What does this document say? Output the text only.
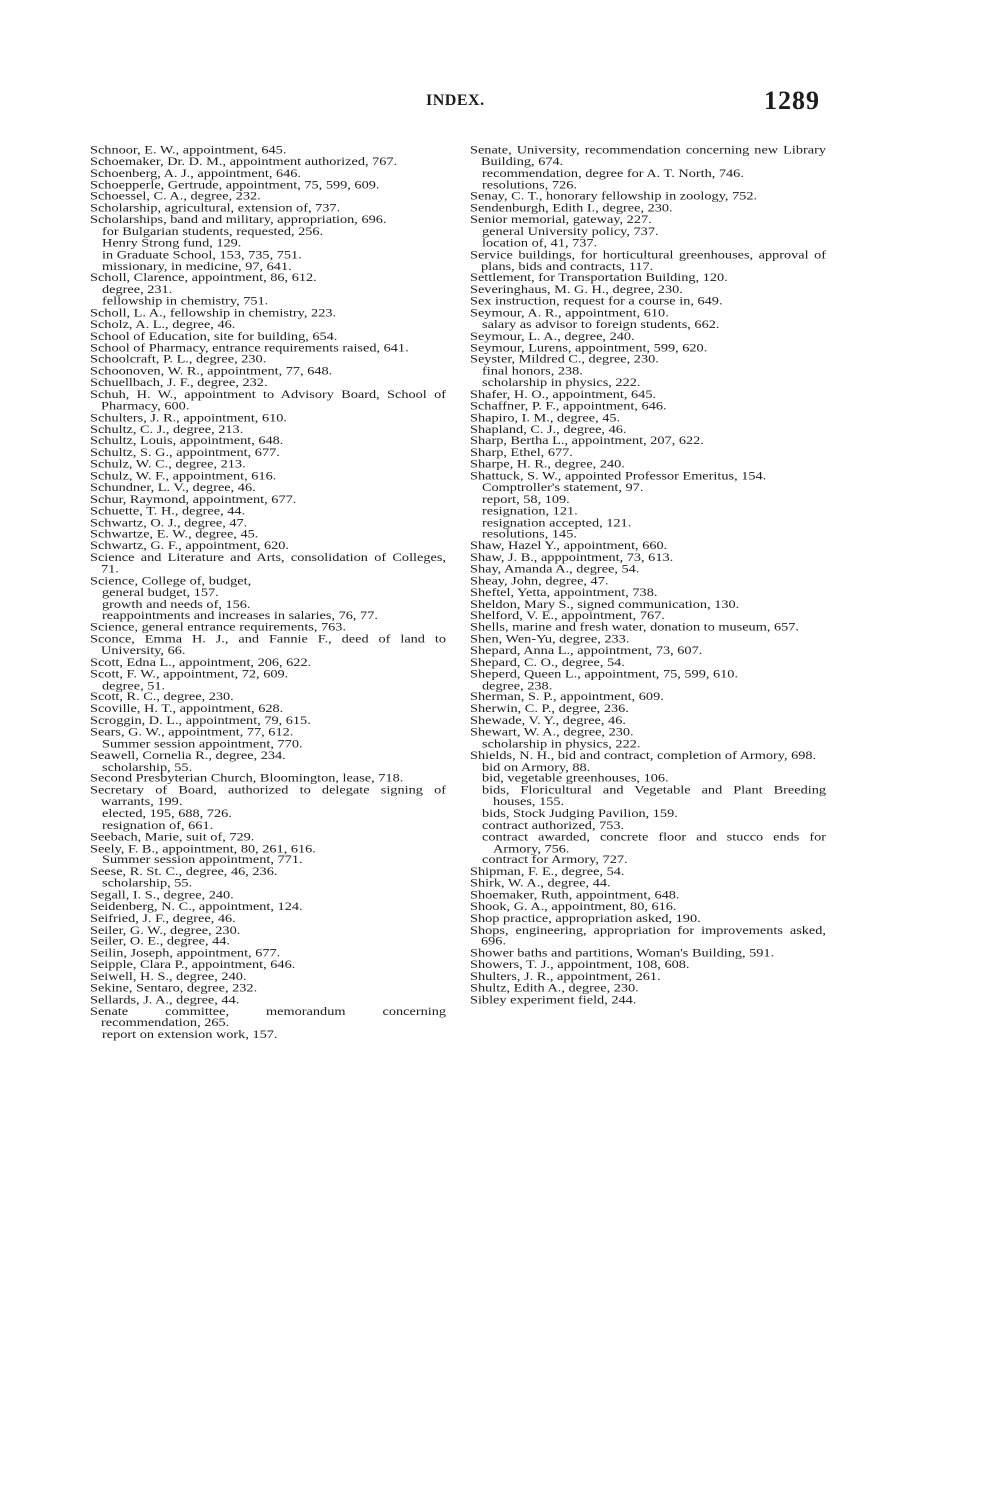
INDEX.	1289
Schnoor, E. W., appointment, 645.
Schoemaker, Dr. D. M., appointment authorized, 767.
Schoenberg, A. J., appointment, 646.
Schoepperle, Gertrude, appointment, 75, 599, 609.
Schoessel, C. A., degree, 232.
Scholarship, agricultural, extension of, 737.
Scholarships, band and military, appropriation, 696.
for Bulgarian students, requested, 256.
Henry Strong fund, 129.
in Graduate School, 153, 735, 751.
missionary, in medicine, 97, 641.
Scholl, Clarence, appointment, 86, 612.
degree, 231.
fellowship in chemistry, 751.
Scholl, L. A., fellowship in chemistry, 223.
Scholz, A. L., degree, 46.
School of Education, site for building, 654.
School of Pharmacy, entrance requirements raised, 641.
Schoolcraft, P. L., degree, 230.
Schoonoven, W. R., appointment, 77, 648.
Schuellbach, J. F., degree, 232.
Schuh, H. W., appointment to Advisory Board, School of Pharmacy, 600.
Schulters, J. R., appointment, 610.
Schultz, C. J., degree, 213.
Schultz, Louis, appointment, 648.
Schultz, S. G., appointment, 677.
Schulz, W. C., degree, 213.
Schulz, W. F., appointment, 616.
Schundner, L. V., degree, 46.
Schur, Raymond, appointment, 677.
Schuette, T. H., degree, 44.
Schwartz, O. J., degree, 47.
Schwartze, E. W., degree, 45.
Schwartz, G. F., appointment, 620.
Science and Literature and Arts, consolidation of Colleges, 71.
Science, College of, budget,
general budget, 157.
growth and needs of, 156.
reappointments and increases in salaries, 76, 77.
Science, general entrance requirements, 763.
Sconce, Emma H. J., and Fannie F., deed of land to University, 66.
Scott, Edna L., appointment, 206, 622.
Scott, F. W., appointment, 72, 609.
degree, 51.
Scott, R. C., degree, 230.
Scoville, H. T., appointment, 628.
Scroggin, D. L., appointment, 79, 615.
Sears, G. W., appointment, 77, 612.
Summer session appointment, 770.
Seawell, Cornelia R., degree, 234.
scholarship, 55.
Second Presbyterian Church, Bloomington, lease, 718.
Secretary of Board, authorized to delegate signing of warrants, 199.
elected, 195, 688, 726.
resignation of, 661.
Seebach, Marie, suit of, 729.
Seely, F. B., appointment, 80, 261, 616.
Summer session appointment, 771.
Seese, R. St. C., degree, 46, 236.
scholarship, 55.
Segall, I. S., degree, 240.
Seidenberg, N. C., appointment, 124.
Seifried, J. F., degree, 46.
Seiler, G. W., degree, 230.
Seiler, O. E., degree, 44.
Seilin, Joseph, appointment, 677.
Seipple, Clara P., appointment, 646.
Seiwell, H. S., degree, 240.
Sekine, Sentaro, degree, 232.
Sellards, J. A., degree, 44.
Senate committee, memorandum concerning recommendation, 265.
report on extension work, 157.
Senate, University, recommendation concerning new Library Building, 674.
recommendation, degree for A. T. North, 746.
resolutions, 726.
Senay, C. T., honorary fellowship in zoology, 752.
Sendenburgh, Edith I., degree, 230.
Senior memorial, gateway, 227.
general University policy, 737.
location of, 41, 737.
Service buildings, for horticultural greenhouses, approval of plans, bids and contracts, 117.
Settlement, for Transportation Building, 120.
Severinghaus, M. G. H., degree, 230.
Sex instruction, request for a course in, 649.
Seymour, A. R., appointment, 610.
salary as advisor to foreign students, 662.
Seymour, L. A., degree, 240.
Seymour, Lurens, appointment, 599, 620.
Seyster, Mildred C., degree, 230.
final honors, 238.
scholarship in physics, 222.
Shafer, H. O., appointment, 645.
Schaffner, P. F., appointment, 646.
Shapiro, I. M., degree, 45.
Shapland, C. J., degree, 46.
Sharp, Bertha L., appointment, 207, 622.
Sharp, Ethel, 677.
Sharpe, H. R., degree, 240.
Shattuck, S. W., appointed Professor Emeritus, 154.
Comptroller's statement, 97.
report, 58, 109.
resignation, 121.
resignation accepted, 121.
resolutions, 145.
Shaw, Hazel Y., appointment, 660.
Shaw, J. B., apppointment, 73, 613.
Shay, Amanda A., degree, 54.
Sheay, John, degree, 47.
Sheftel, Yetta, appointment, 738.
Sheldon, Mary S., signed communication, 130.
Shelford, V. E., appointment, 767.
Shells, marine and fresh water, donation to museum, 657.
Shen, Wen-Yu, degree, 233.
Shepard, Anna L., appointment, 73, 607.
Shepard, C. O., degree, 54.
Sheperd, Queen L., appointment, 75, 599, 610.
degree, 238.
Sherman, S. P., appointment, 609.
Sherwin, C. P., degree, 236.
Shewade, V. Y., degree, 46.
Shewart, W. A., degree, 230.
scholarship in physics, 222.
Shields, N. H., bid and contract, completion of Armory, 698.
bid on Armory, 88.
bid, vegetable greenhouses, 106.
bids, Floricultural and Vegetable and Plant Breeding houses, 155.
bids, Stock Judging Pavilion, 159.
contract authorized, 753.
contract awarded, concrete floor and stucco ends for Armory, 756.
contract for Armory, 727.
Shipman, F. E., degree, 54.
Shirk, W. A., degree, 44.
Shoemaker, Ruth, appointment, 648.
Shook, G. A., appointment, 80, 616.
Shop practice, appropriation asked, 190.
Shops, engineering, appropriation for improvements asked, 696.
Shower baths and partitions, Woman's Building, 591.
Showers, T. J., appointment, 108, 608.
Shulters, J. R., appointment, 261.
Shultz, Edith A., degree, 230.
Sibley experiment field, 244.
